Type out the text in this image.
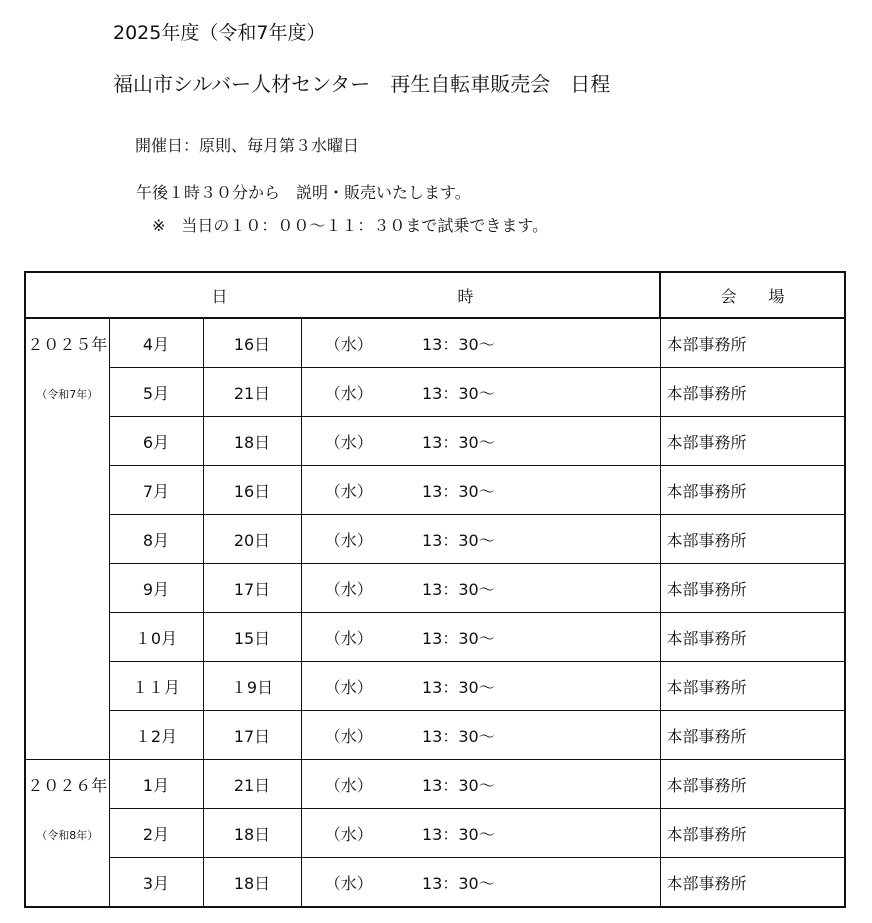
2025年度（令和7年度）
福山市シルバー人材センター　再生自転車販売会　日程
開催日：原則、毎月第３水曜日
午後１時３０分から　説明・販売いたします。
※　当日の１０：００～１１：３０まで試乗できます。
日 時					会　　場
２０２５年	4月	16日	（水）	13：30～	本部事務所
（令和7年）	5月	21日	（水）	13：30～	本部事務所
	6月	18日	（水）	13：30～	本部事務所
	7月	16日	（水）	13：30～	本部事務所
	8月	20日	（水）	13：30～	本部事務所
	9月	17日	（水）	13：30～	本部事務所
	１0月	15日	（水）	13：30～	本部事務所
	１１月	１9日	（水）	13：30～	本部事務所
	１2月	17日	（水）	13：30～	本部事務所
２０２６年	1月	21日	（水）	13：30～	本部事務所
（令和8年）	2月	18日	（水）	13：30～	本部事務所
	3月	18日	（水）	13：30～	本部事務所
